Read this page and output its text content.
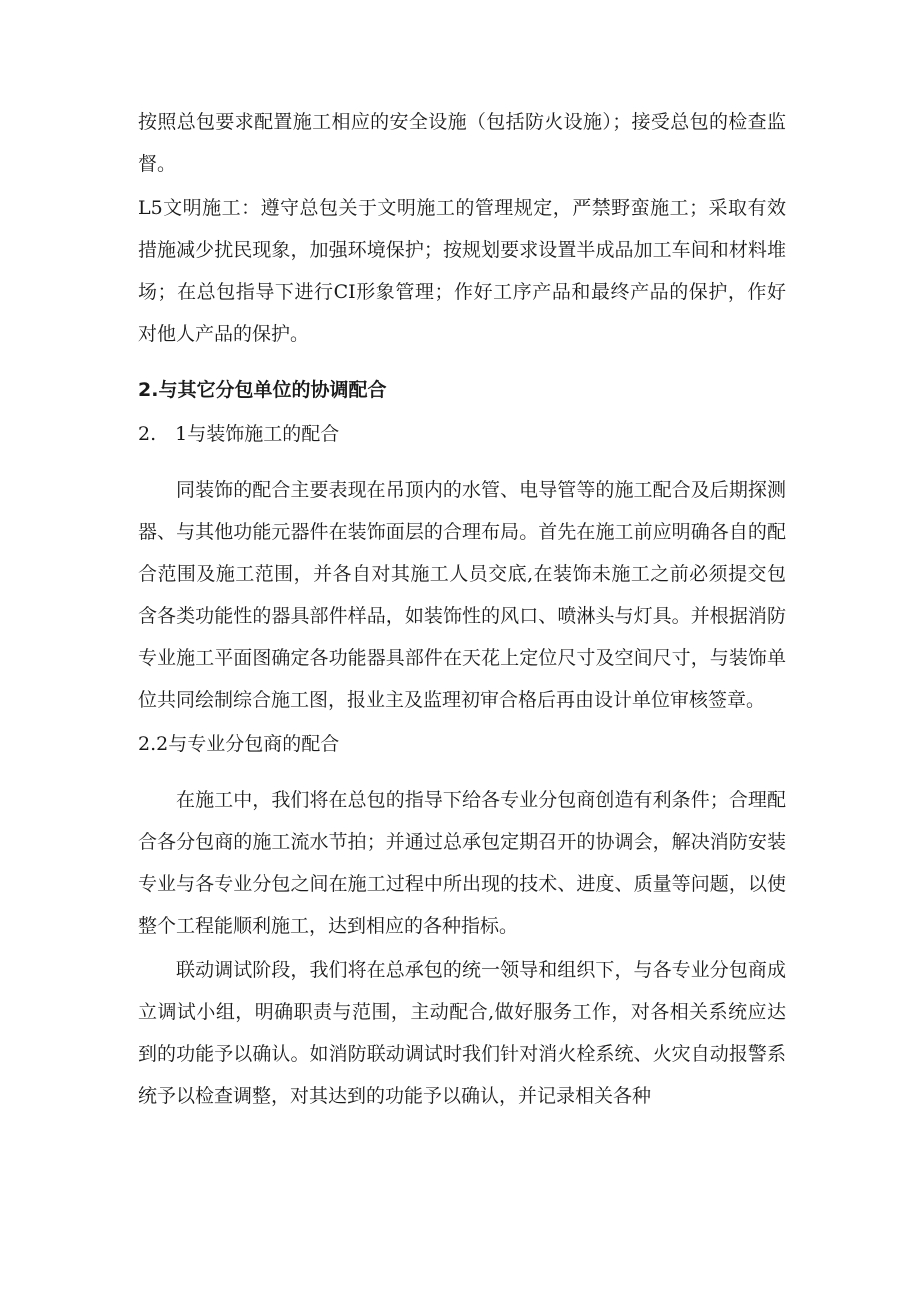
按照总包要求配置施工相应的安全设施（包括防火设施）；接受总包的检查监督。

L5文明施工：遵守总包关于文明施工的管理规定，严禁野蛮施工；采取有效措施减少扰民现象，加强环境保护；按规划要求设置半成品加工车间和材料堆场；在总包指导下进行CI形象管理；作好工序产品和最终产品的保护，作好对他人产品的保护。

2.与其它分包单位的协调配合

2.　1与装饰施工的配合

同装饰的配合主要表现在吊顶内的水管、电导管等的施工配合及后期探测器、与其他功能元器件在装饰面层的合理布局。首先在施工前应明确各自的配合范围及施工范围，并各自对其施工人员交底,在装饰未施工之前必须提交包含各类功能性的器具部件样品，如装饰性的风口、喷淋头与灯具。并根据消防专业施工平面图确定各功能器具部件在天花上定位尺寸及空间尺寸，与装饰单位共同绘制综合施工图，报业主及监理初审合格后再由设计单位审核签章。

2.2与专业分包商的配合

在施工中，我们将在总包的指导下给各专业分包商创造有利条件；合理配合各分包商的施工流水节拍；并通过总承包定期召开的协调会，解决消防安装专业与各专业分包之间在施工过程中所出现的技术、进度、质量等问题，以使整个工程能顺利施工，达到相应的各种指标。

联动调试阶段，我们将在总承包的统一领导和组织下，与各专业分包商成立调试小组，明确职责与范围，主动配合,做好服务工作，对各相关系统应达到的功能予以确认。如消防联动调试时我们针对消火栓系统、火灾自动报警系统予以检查调整，对其达到的功能予以确认，并记录相关各种
